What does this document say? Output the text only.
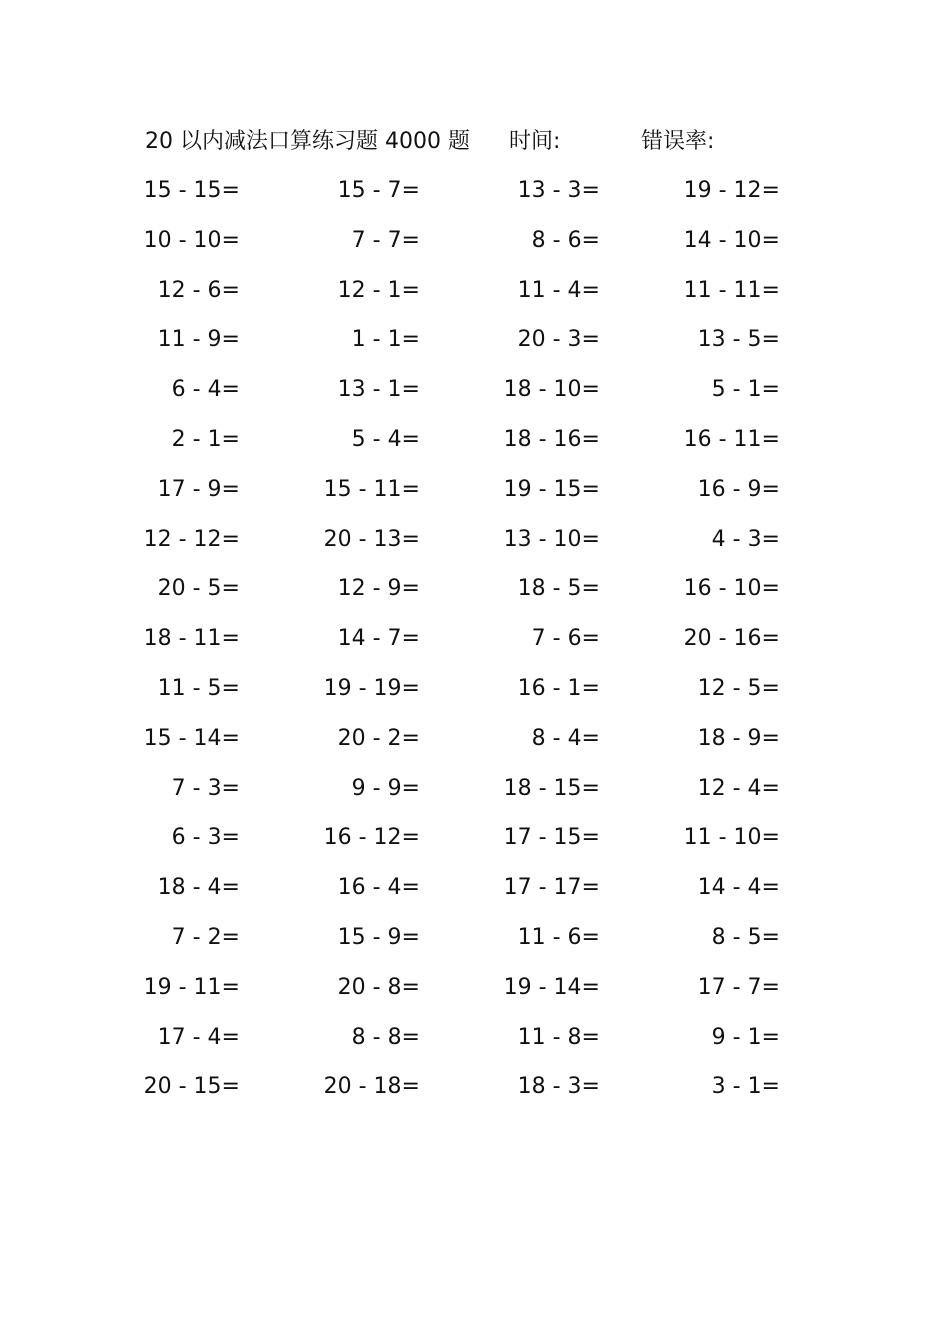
20 以内减法口算练习题 4000 题 时间:	错误率:
15 - 15=	15 - 7=	13 - 3=	19 - 12=
10 - 10=	7 - 7=	8 - 6=	14 - 10=
12 - 6=	12 - 1=	11 - 4=	11 - 11=
11 - 9=	1 - 1=	20 - 3=	13 - 5=
6 - 4=	13 - 1=	18 - 10=	5 - 1=
2 - 1=	5 - 4=	18 - 16=	16 - 11=
17 - 9=	15 - 11=	19 - 15=	16 - 9=
12 - 12=	20 - 13=	13 - 10=	4 - 3=
20 - 5=	12 - 9=	18 - 5=	16 - 10=
18 - 11=	14 - 7=	7 - 6=	20 - 16=
11 - 5=	19 - 19=	16 - 1=	12 - 5=
15 - 14=	20 - 2=	8 - 4=	18 - 9=
7 - 3=	9 - 9=	18 - 15=	12 - 4=
6 - 3=	16 - 12=	17 - 15=	11 - 10=
18 - 4=	16 - 4=	17 - 17=	14 - 4=
7 - 2=	15 - 9=	11 - 6=	8 - 5=
19 - 11=	20 - 8=	19 - 14=	17 - 7=
17 - 4=	8 - 8=	11 - 8=	9 - 1=
20 - 15=	20 - 18=	18 - 3=	3 - 1=
